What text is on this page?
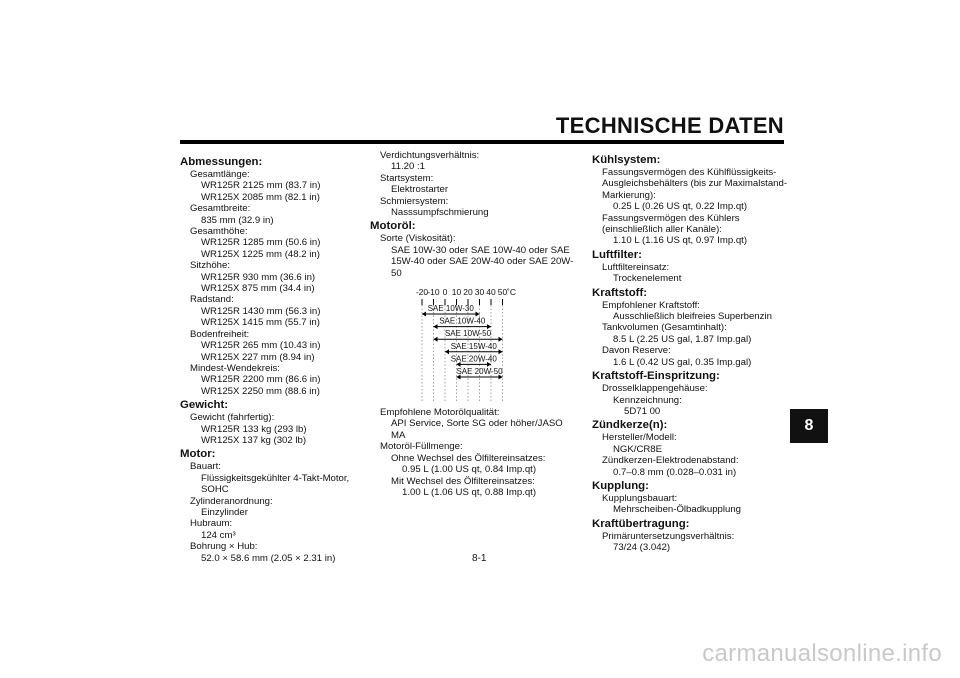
TECHNISCHE DATEN
8
Abmessungen:
Gesamtlänge:
WR125R 2125 mm (83.7 in)
WR125X 2085 mm (82.1 in)
Gesamtbreite:
835 mm (32.9 in)
Gesamthöhe:
WR125R 1285 mm (50.6 in)
WR125X 1225 mm (48.2 in)
Sitzhöhe:
WR125R 930 mm (36.6 in)
WR125X 875 mm (34.4 in)
Radstand:
WR125R 1430 mm (56.3 in)
WR125X 1415 mm (55.7 in)
Bodenfreiheit:
WR125R 265 mm (10.43 in)
WR125X 227 mm (8.94 in)
Mindest-Wendekreis:
WR125R 2200 mm (86.6 in)
WR125X 2250 mm (88.6 in)
Gewicht:
Gewicht (fahrfertig):
WR125R 133 kg (293 lb)
WR125X 137 kg (302 lb)
Motor:
Bauart:
Flüssigkeitsgekühlter 4-Takt-Motor, SOHC
Zylinderanordnung:
Einzylinder
Hubraum:
124 cm³
Bohrung × Hub:
52.0 × 58.6 mm (2.05 × 2.31 in)
Verdichtungsverhältnis:
11.20 :1
Startsystem:
Elektrostarter
Schmiersystem:
Nasssumpfschmierung
Motoröl:
Sorte (Viskosität):
SAE 10W-30 oder SAE 10W-40 oder SAE
15W-40 oder SAE 20W-40 oder SAE 20W-
50
-20 -10 0 10 20 30 40 50 ˚C
SAE 10W-30
SAE 10W-40
SAE 10W-50
SAE 15W-40
SAE 20W-40
SAE 20W-50
Empfohlene Motorölqualität:
API Service, Sorte SG oder höher/JASO
MA
Motoröl-Füllmenge:
Ohne Wechsel des Ölfiltereinsatzes:
0.95 L (1.00 US qt, 0.84 Imp.qt)
Mit Wechsel des Ölfiltereinsatzes:
1.00 L (1.06 US qt, 0.88 Imp.qt)
Kühlsystem:
Fassungsvermögen des Kühlflüssigkeits-
Ausgleichsbehälters (bis zur Maximalstand-
Markierung):
0.25 L (0.26 US qt, 0.22 Imp.qt)
Fassungsvermögen des Kühlers
(einschließlich aller Kanäle):
1.10 L (1.16 US qt, 0.97 Imp.qt)
Luftfilter:
Luftfiltereinsatz:
Trockenelement
Kraftstoff:
Empfohlener Kraftstoff:
Ausschließlich bleifreies Superbenzin
Tankvolumen (Gesamtinhalt):
8.5 L (2.25 US gal, 1.87 Imp.gal)
Davon Reserve:
1.6 L (0.42 US gal, 0.35 Imp.gal)
Kraftstoff-Einspritzung:
Drosselklappengehäuse:
Kennzeichnung:
5D71 00
Zündkerze(n):
Hersteller/Modell:
NGK/CR8E
Zündkerzen-Elektrodenabstand:
0.7–0.8 mm (0.028–0.031 in)
Kupplung:
Kupplungsbauart:
Mehrscheiben-Ölbadkupplung
Kraftübertragung:
Primäruntersetzungsverhältnis:
73/24 (3.042)
8-1
carmanualsonline.info
